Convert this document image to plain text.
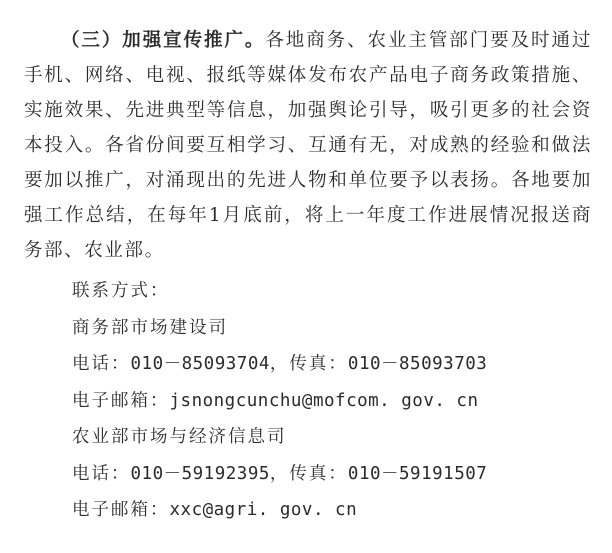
（三）加强宣传推广。各地商务、农业主管部门要及时通过手机、网络、电视、报纸等媒体发布农产品电子商务政策措施、实施效果、先进典型等信息，加强舆论引导，吸引更多的社会资本投入。各省份间要互相学习、互通有无，对成熟的经验和做法要加以推广，对涌现出的先进人物和单位要予以表扬。各地要加强工作总结，在每年1月底前，将上一年度工作进展情况报送商务部、农业部。

联系方式：
商务部市场建设司
电话：010－85093704，传真：010－85093703
电子邮箱：jsnongcunchu@mofcom. gov. cn
农业部市场与经济信息司
电话：010－59192395，传真：010－59191507
电子邮箱：xxc@agri. gov. cn
